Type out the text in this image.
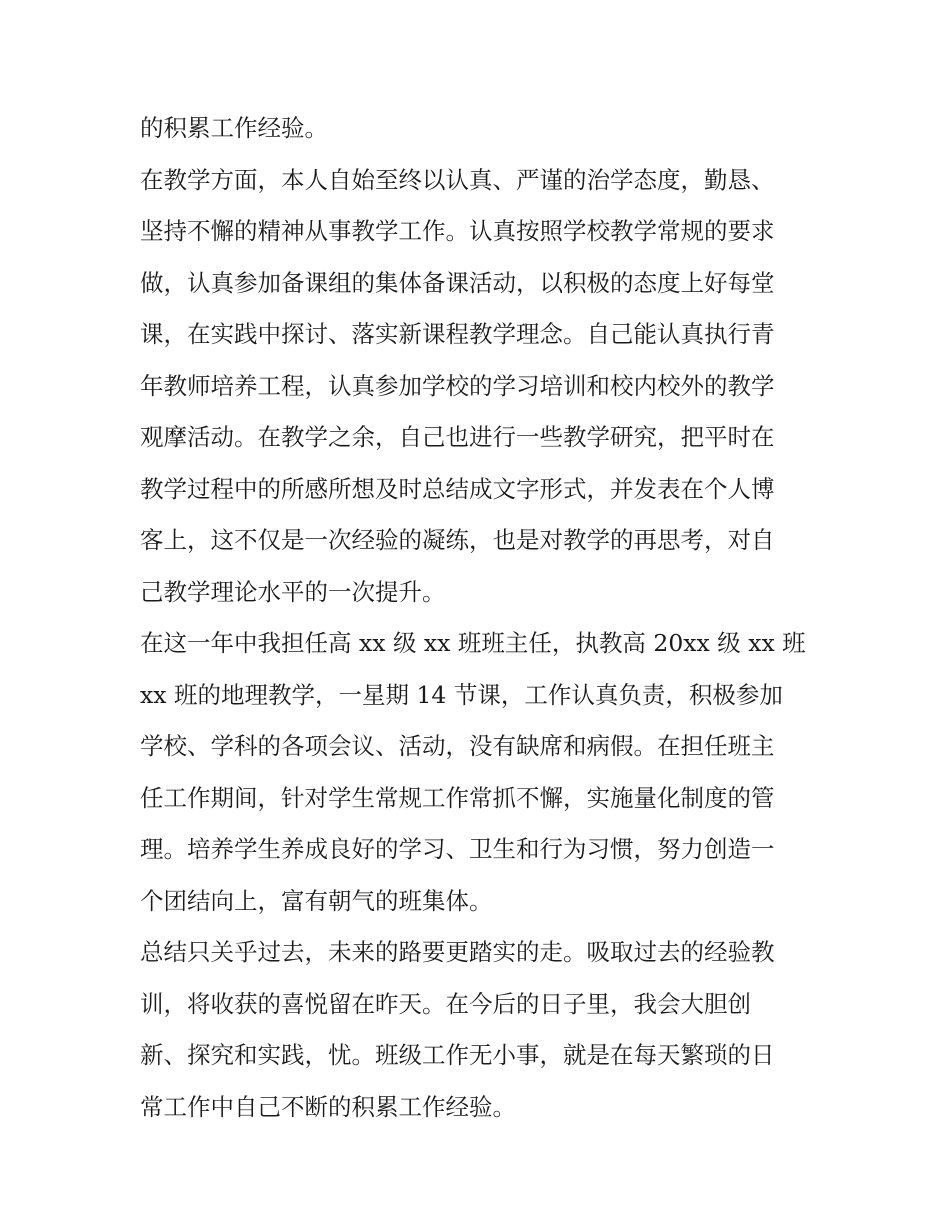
的积累工作经验。
在教学方面，本人自始至终以认真、严谨的治学态度，勤恳、
坚持不懈的精神从事教学工作。认真按照学校教学常规的要求
做，认真参加备课组的集体备课活动，以积极的态度上好每堂
课，在实践中探讨、落实新课程教学理念。自己能认真执行青
年教师培养工程，认真参加学校的学习培训和校内校外的教学
观摩活动。在教学之余，自己也进行一些教学研究，把平时在
教学过程中的所感所想及时总结成文字形式，并发表在个人博
客上，这不仅是一次经验的凝练，也是对教学的再思考，对自
己教学理论水平的一次提升。
在这一年中我担任高 xx 级 xx 班班主任，执教高 20xx 级 xx 班
xx 班的地理教学，一星期 14 节课，工作认真负责，积极参加
学校、学科的各项会议、活动，没有缺席和病假。在担任班主
任工作期间，针对学生常规工作常抓不懈，实施量化制度的管
理。培养学生养成良好的学习、卫生和行为习惯，努力创造一
个团结向上，富有朝气的班集体。
总结只关乎过去，未来的路要更踏实的走。吸取过去的经验教
训，将收获的喜悦留在昨天。在今后的日子里，我会大胆创
新、探究和实践，忧。班级工作无小事，就是在每天繁琐的日
常工作中自己不断的积累工作经验。
